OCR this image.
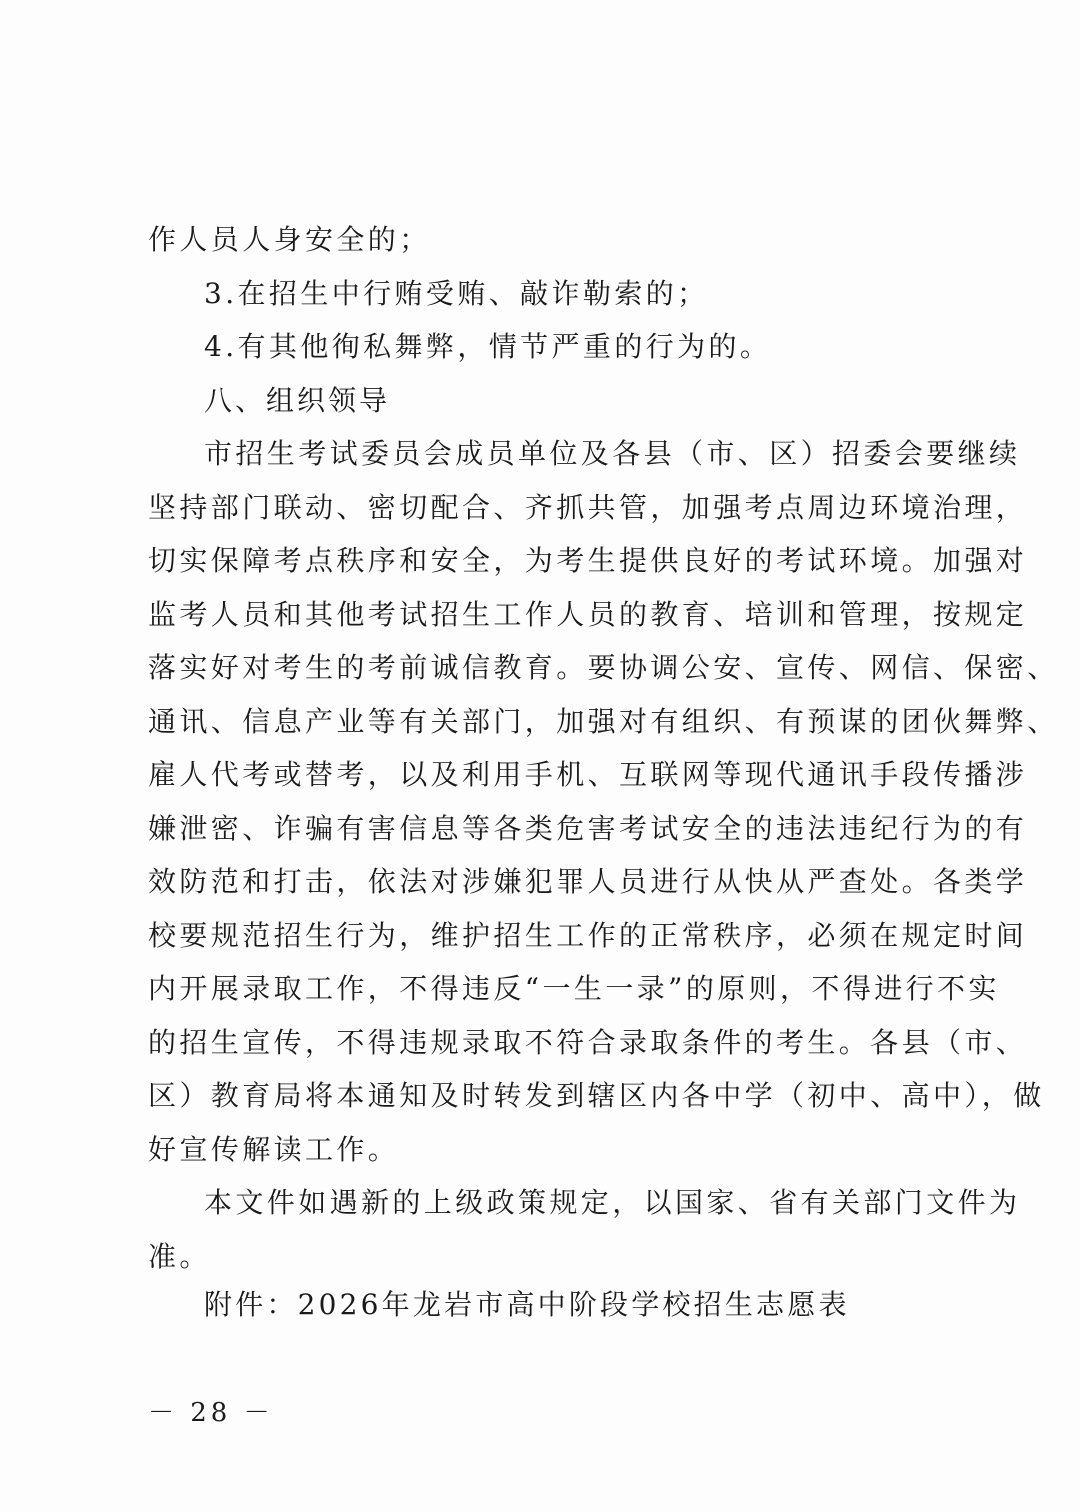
作人员人身安全的；
3.在招生中行贿受贿、敲诈勒索的；
4.有其他徇私舞弊，情节严重的行为的。
八、组织领导
市招生考试委员会成员单位及各县（市、区）招委会要继续
坚持部门联动、密切配合、齐抓共管，加强考点周边环境治理，
切实保障考点秩序和安全，为考生提供良好的考试环境。加强对
监考人员和其他考试招生工作人员的教育、培训和管理，按规定
落实好对考生的考前诚信教育。要协调公安、宣传、网信、保密、
通讯、信息产业等有关部门，加强对有组织、有预谋的团伙舞弊、
雇人代考或替考，以及利用手机、互联网等现代通讯手段传播涉
嫌泄密、诈骗有害信息等各类危害考试安全的违法违纪行为的有
效防范和打击，依法对涉嫌犯罪人员进行从快从严查处。各类学
校要规范招生行为，维护招生工作的正常秩序，必须在规定时间
内开展录取工作，不得违反“一生一录”的原则，不得进行不实
的招生宣传，不得违规录取不符合录取条件的考生。各县（市、
区）教育局将本通知及时转发到辖区内各中学（初中、高中），做
好宣传解读工作。
本文件如遇新的上级政策规定，以国家、省有关部门文件为
准。
附件：2026年龙岩市高中阶段学校招生志愿表
－ 28 －
